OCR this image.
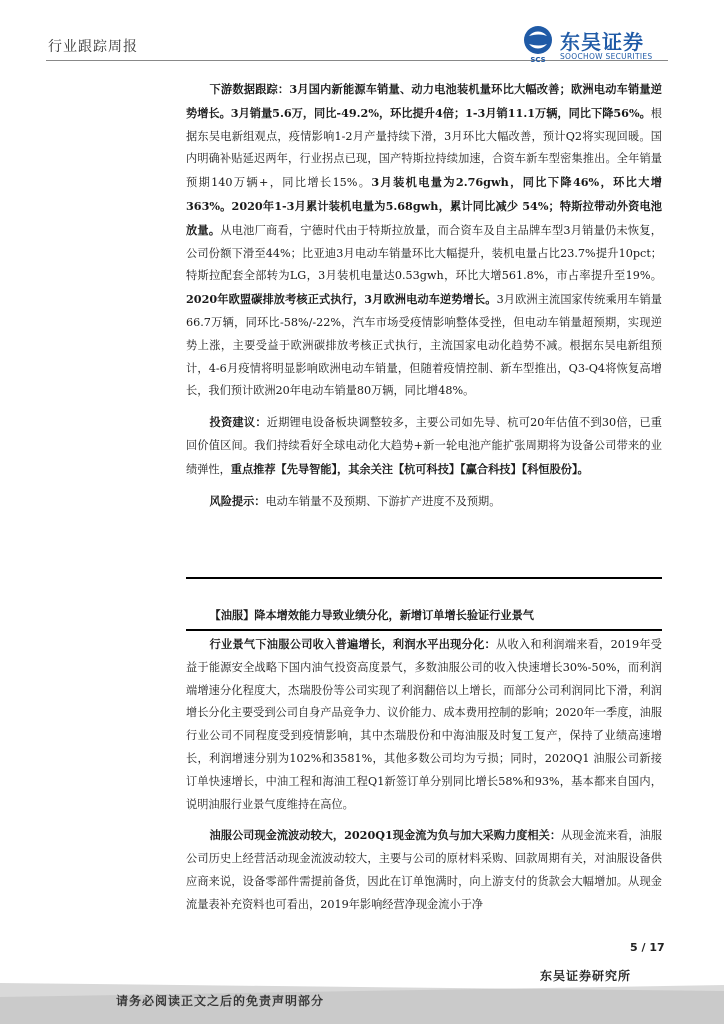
行业跟踪周报
SCS
东吴证券
SOOCHOW SECURITIES

下游数据跟踪：3月国内新能源车销量、动力电池装机量环比大幅改善；欧洲电动车销量逆势增长。3月销量5.6万，同比-49.2%，环比提升4倍；1-3月销11.1万辆，同比下降56%。根据东吴电新组观点，疫情影响1-2月产量持续下滑，3月环比大幅改善，预计Q2将实现回暖。国内明确补贴延迟两年，行业拐点已现，国产特斯拉持续加速，合资车新车型密集推出。全年销量预期140万辆+，同比增长15%。3月装机电量为2.76gwh，同比下降46%，环比大增363%。2020年1-3月累计装机电量为5.68gwh，累计同比减少 54%；特斯拉带动外资电池放量。从电池厂商看，宁德时代由于特斯拉放量，而合资车及自主品牌车型3月销量仍未恢复，公司份额下滑至44%；比亚迪3月电动车销量环比大幅提升，装机电量占比23.7%提升10pct；特斯拉配套全部转为LG，3月装机电量达0.53gwh，环比大增561.8%，市占率提升至19%。2020年欧盟碳排放考核正式执行，3月欧洲电动车逆势增长。3月欧洲主流国家传统乘用车销量66.7万辆，同环比-58%/-22%，汽车市场受疫情影响整体受挫，但电动车销量超预期，实现逆势上涨，主要受益于欧洲碳排放考核正式执行，主流国家电动化趋势不减。根据东吴电新组预计，4-6月疫情将明显影响欧洲电动车销量，但随着疫情控制、新车型推出，Q3-Q4将恢复高增长，我们预计欧洲20年电动车销量80万辆，同比增48%。

投资建议：近期锂电设备板块调整较多，主要公司如先导、杭可20年估值不到30倍，已重回价值区间。我们持续看好全球电动化大趋势+新一轮电池产能扩张周期将为设备公司带来的业绩弹性，重点推荐【先导智能】，其余关注【杭可科技】【赢合科技】【科恒股份】。

风险提示：电动车销量不及预期、下游扩产进度不及预期。

【油服】降本增效能力导致业绩分化，新增订单增长验证行业景气

行业景气下油服公司收入普遍增长，利润水平出现分化：从收入和利润端来看，2019年受益于能源安全战略下国内油气投资高度景气，多数油服公司的收入快速增长30%-50%，而利润端增速分化程度大，杰瑞股份等公司实现了利润翻倍以上增长，而部分公司利润同比下滑，利润增长分化主要受到公司自身产品竞争力、议价能力、成本费用控制的影响；2020年一季度，油服行业公司不同程度受到疫情影响，其中杰瑞股份和中海油服及时复工复产，保持了业绩高速增长，利润增速分别为102%和3581%，其他多数公司均为亏损；同时，2020Q1 油服公司新接订单快速增长，中油工程和海油工程Q1新签订单分别同比增长58%和93%，基本都来自国内，说明油服行业景气度维持在高位。

油服公司现金流波动较大，2020Q1现金流为负与加大采购力度相关：从现金流来看，油服公司历史上经营活动现金流波动较大，主要与公司的原材料采购、回款周期有关，对油服设备供应商来说，设备零部件需提前备货，因此在订单饱满时，向上游支付的货款会大幅增加。从现金流量表补充资料也可看出，2019年影响经营净现金流小于净

5 / 17
东吴证券研究所
请务必阅读正文之后的免责声明部分
